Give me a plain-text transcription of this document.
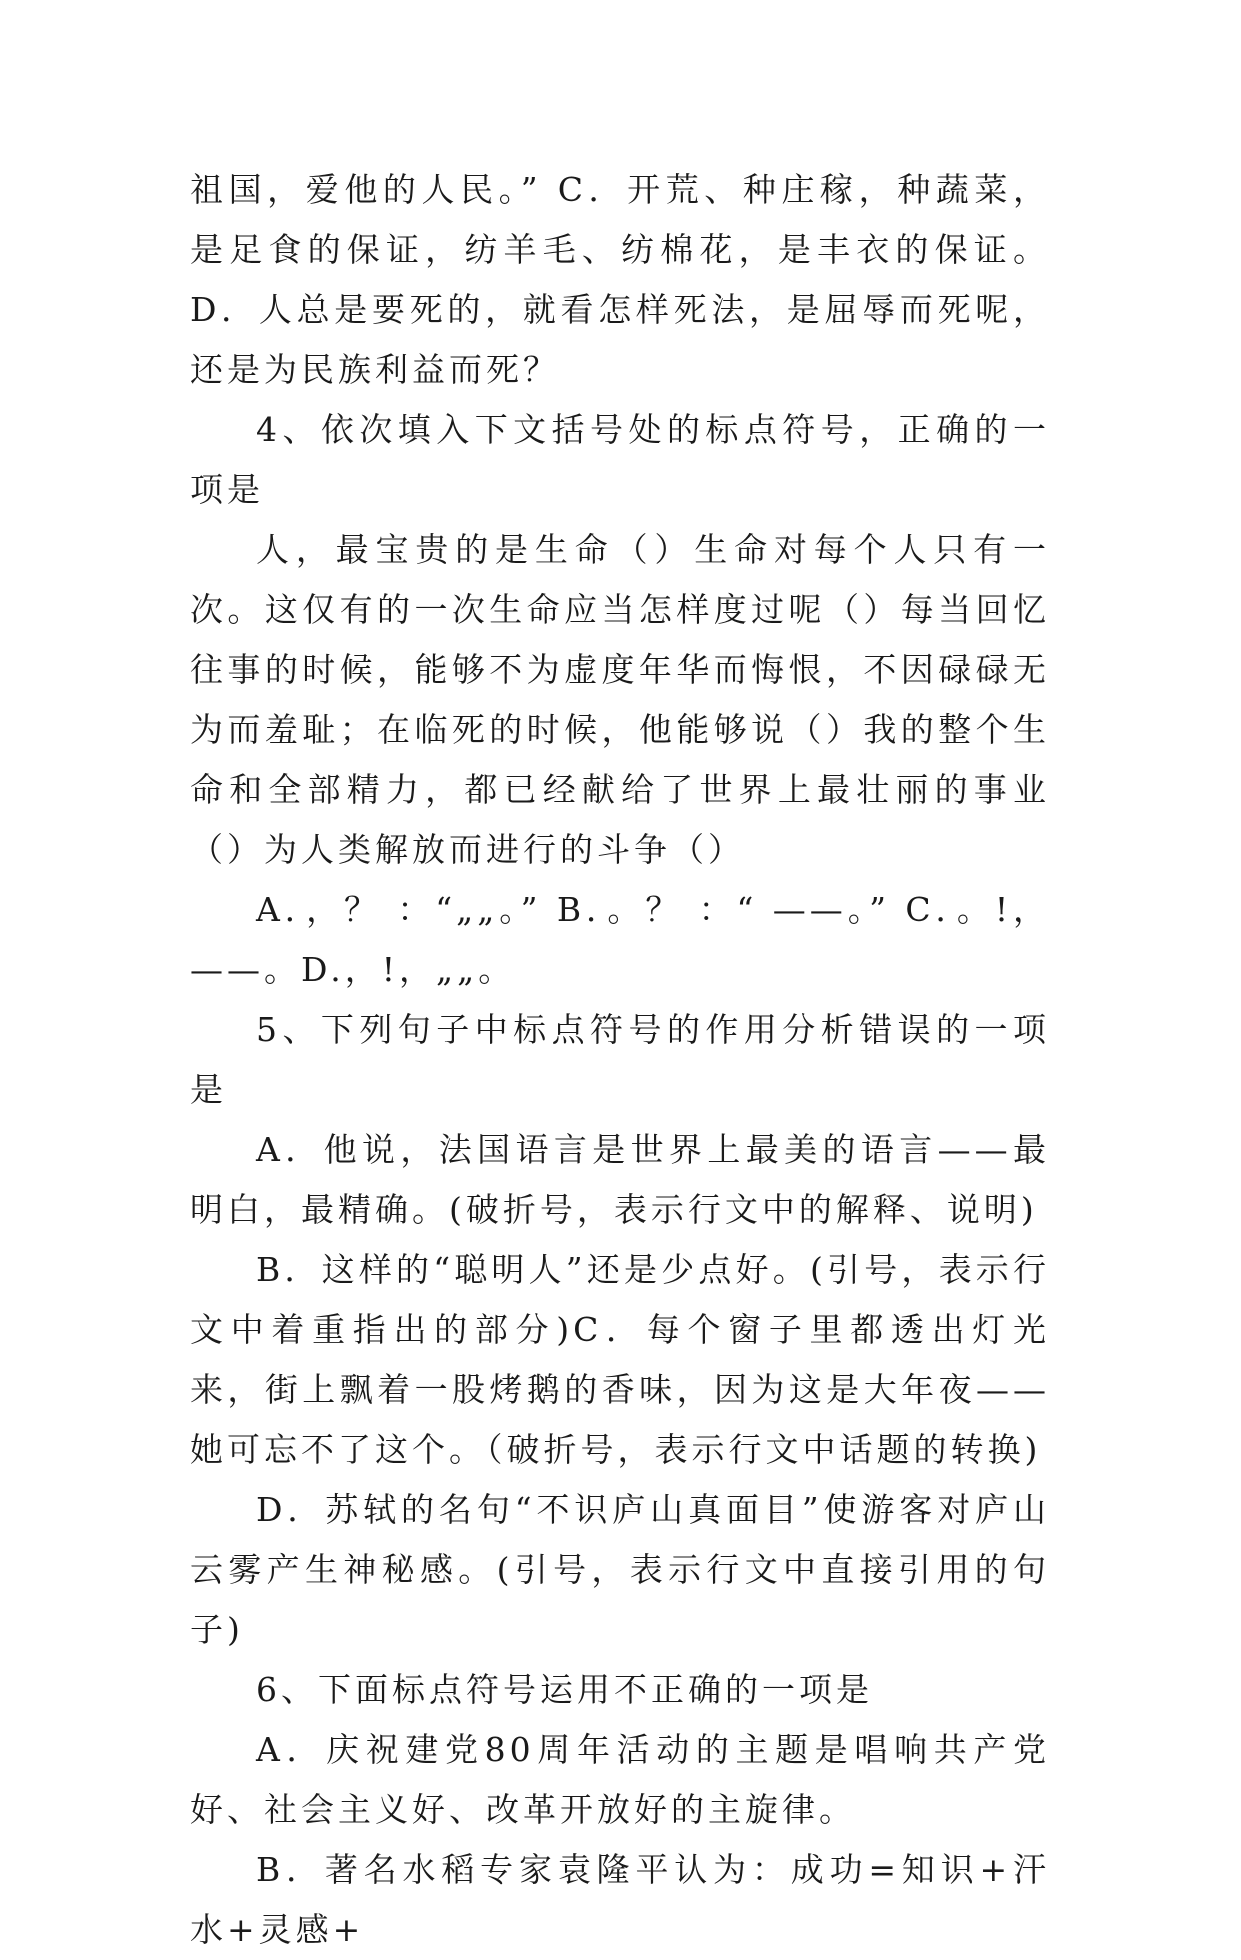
祖国，爱他的人民。” C．开荒、种庄稼，种蔬菜，是足食的保证，纺羊毛、纺棉花，是丰衣的保证。D．人总是要死的，就看怎样死法，是屈辱而死呢，还是为民族利益而死？

4、依次填入下文括号处的标点符号，正确的一项是

人，最宝贵的是生命（）生命对每个人只有一次。这仅有的一次生命应当怎样度过呢（）每当回忆往事的时候，能够不为虚度年华而悔恨，不因碌碌无为而羞耻；在临死的时候，他能够说（）我的整个生命和全部精力，都已经献给了世界上最壮丽的事业（）为人类解放而进行的斗争（）

A．，？ ：“„„。” B．。？ ：“ ——。” C．。!，——。D.，!，„„。

5、下列句子中标点符号的作用分析错误的一项是

A．他说，法国语言是世界上最美的语言——最明白，最精确。(破折号，表示行文中的解释、说明)

B．这样的“聪明人”还是少点好。(引号，表示行文中着重指出的部分)C．每个窗子里都透出灯光来，街上飘着一股烤鹅的香味，因为这是大年夜——她可忘不了这个。（破折号，表示行文中话题的转换)

D．苏轼的名句“不识庐山真面目”使游客对庐山云雾产生神秘感。(引号，表示行文中直接引用的句子)

6、下面标点符号运用不正确的一项是

A．庆祝建党80周年活动的主题是唱响共产党好、社会主义好、改革开放好的主旋律。

B．著名水稻专家袁隆平认为：成功=知识+汗水+灵感+
